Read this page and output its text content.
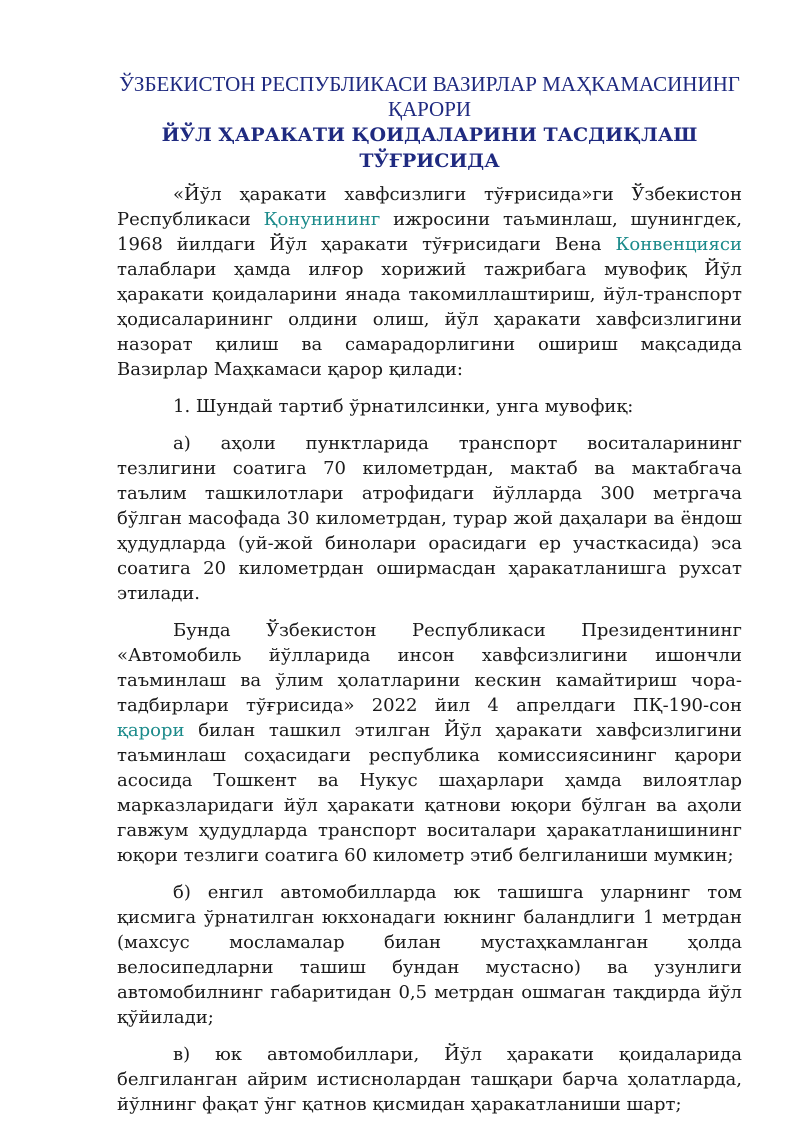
ЎЗБЕКИСТОН РЕСПУБЛИКАСИ ВАЗИРЛАР МАҲКАМАСИНИНГ
ҚАРОРИ
ЙЎЛ ҲАРАКАТИ ҚОИДАЛАРИНИ ТАСДИҚЛАШ ТЎҒРИСИДА

«Йўл ҳаракати хавфсизлиги тўғрисида»ги Ўзбекистон Республикаси Қонунининг ижросини таъминлаш, шунингдек, 1968 йилдаги Йўл ҳаракати тўғрисидаги Вена Конвенцияси талаблари ҳамда илғор хорижий тажрибага мувофиқ Йўл ҳаракати қоидаларини янада такомиллаштириш, йўл-транспорт ҳодисаларининг олдини олиш, йўл ҳаракати хавфсизлигини назорат қилиш ва самарадорлигини ошириш мақсадида Вазирлар Маҳкамаси қарор қилади:

1. Шундай тартиб ўрнатилсинки, унга мувофиқ:

а) аҳоли пунктларида транспорт воситаларининг тезлигини соатига 70 километрдан, мактаб ва мактабгача таълим ташкилотлари атрофидаги йўлларда 300 метргача бўлган масофада 30 километрдан, турар жой даҳалари ва ёндош ҳудудларда (уй-жой бинолари орасидаги ер участкасида) эса соатига 20 километрдан оширмасдан ҳаракатланишга рухсат этилади.

Бунда Ўзбекистон Республикаси Президентининг «Автомобиль йўлларида инсон хавфсизлигини ишончли таъминлаш ва ўлим ҳолатларини кескин камайтириш чора-тадбирлари тўғрисида» 2022 йил 4 апрелдаги ПҚ-190-сон қарори билан ташкил этилган Йўл ҳаракати хавфсизлигини таъминлаш соҳасидаги республика комиссиясининг қарори асосида Тошкент ва Нукус шаҳарлари ҳамда вилоятлар марказларидаги йўл ҳаракати қатнови юқори бўлган ва аҳоли гавжум ҳудудларда транспорт воситалари ҳаракатланишининг юқори тезлиги соатига 60 километр этиб белгиланиши мумкин;

б) енгил автомобилларда юк ташишга уларнинг том қисмига ўрнатилган юкхонадаги юкнинг баландлиги 1 метрдан (махсус мосламалар билан мустаҳкамланган ҳолда велосипедларни ташиш бундан мустасно) ва узунлиги автомобилнинг габаритидан 0,5 метрдан ошмаган тақдирда йўл қўйилади;

в) юк автомобиллари, Йўл ҳаракати қоидаларида белгиланган айрим истиснолардан ташқари барча ҳолатларда, йўлнинг фақат ўнг қатнов қисмидан ҳаракатланиши шарт;
